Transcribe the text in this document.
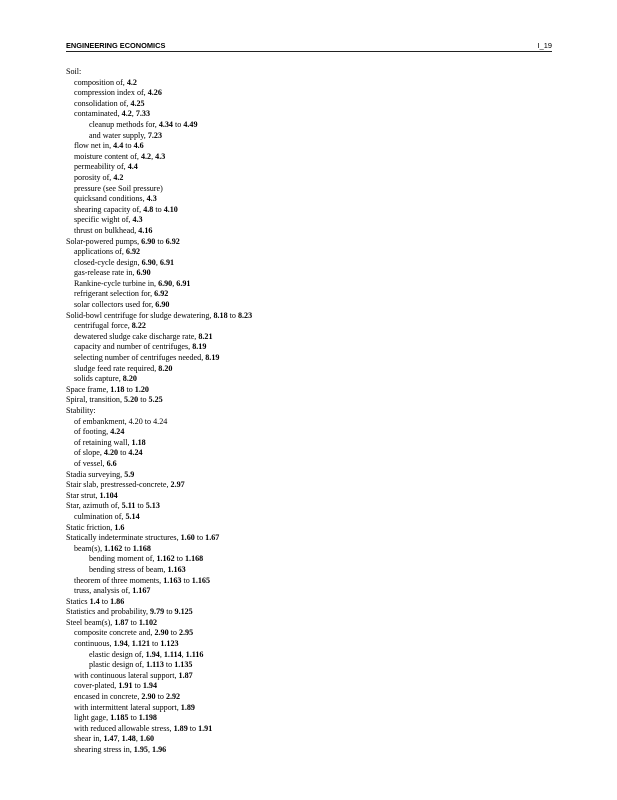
ENGINEERING ECONOMICS	I_19
Soil:
composition of, 4.2
compression index of, 4.26
consolidation of, 4.25
contaminated, 4.2, 7.33
cleanup methods for, 4.34 to 4.49
and water supply, 7.23
flow net in, 4.4 to 4.6
moisture content of, 4.2, 4.3
permeability of, 4.4
porosity of, 4.2
pressure (see Soil pressure)
quicksand conditions, 4.3
shearing capacity of, 4.8 to 4.10
specific wight of, 4.3
thrust on bulkhead, 4.16
Solar-powered pumps, 6.90 to 6.92
applications of, 6.92
closed-cycle design, 6.90, 6.91
gas-release rate in, 6.90
Rankine-cycle turbine in, 6.90, 6.91
refrigerant selection for, 6.92
solar collectors used for, 6.90
Solid-bowl centrifuge for sludge dewatering, 8.18 to 8.23
centrifugal force, 8.22
dewatered sludge cake discharge rate, 8.21
capacity and number of centrifuges, 8.19
selecting number of centrifuges needed, 8.19
sludge feed rate required, 8.20
solids capture, 8.20
Space frame, 1.18 to 1.20
Spiral, transition, 5.20 to 5.25
Stability:
of embankment, 4.20 to 4.24
of footing, 4.24
of retaining wall, 1.18
of slope, 4.20 to 4.24
of vessel, 6.6
Stadia surveying, 5.9
Stair slab, prestressed-concrete, 2.97
Star strut, 1.104
Star, azimuth of, 5.11 to 5.13
culmination of, 5.14
Static friction, 1.6
Statically indeterminate structures, 1.60 to 1.67
beam(s), 1.162 to 1.168
bending moment of, 1.162 to 1.168
bending stress of beam, 1.163
theorem of three moments, 1.163 to 1.165
truss, analysis of, 1.167
Statics 1.4 to 1.86
Statistics and probability, 9.79 to 9.125
Steel beam(s), 1.87 to 1.102
composite concrete and, 2.90 to 2.95
continuous, 1.94, 1.121 to 1.123
elastic design of, 1.94, 1.114, 1.116
plastic design of, 1.113 to 1.135
with continuous lateral support, 1.87
cover-plated, 1.91 to 1.94
encased in concrete, 2.90 to 2.92
with intermittent lateral support, 1.89
light gage, 1.185 to 1.198
with reduced allowable stress, 1.89 to 1.91
shear in, 1.47, 1.48, 1.60
shearing stress in, 1.95, 1.96
